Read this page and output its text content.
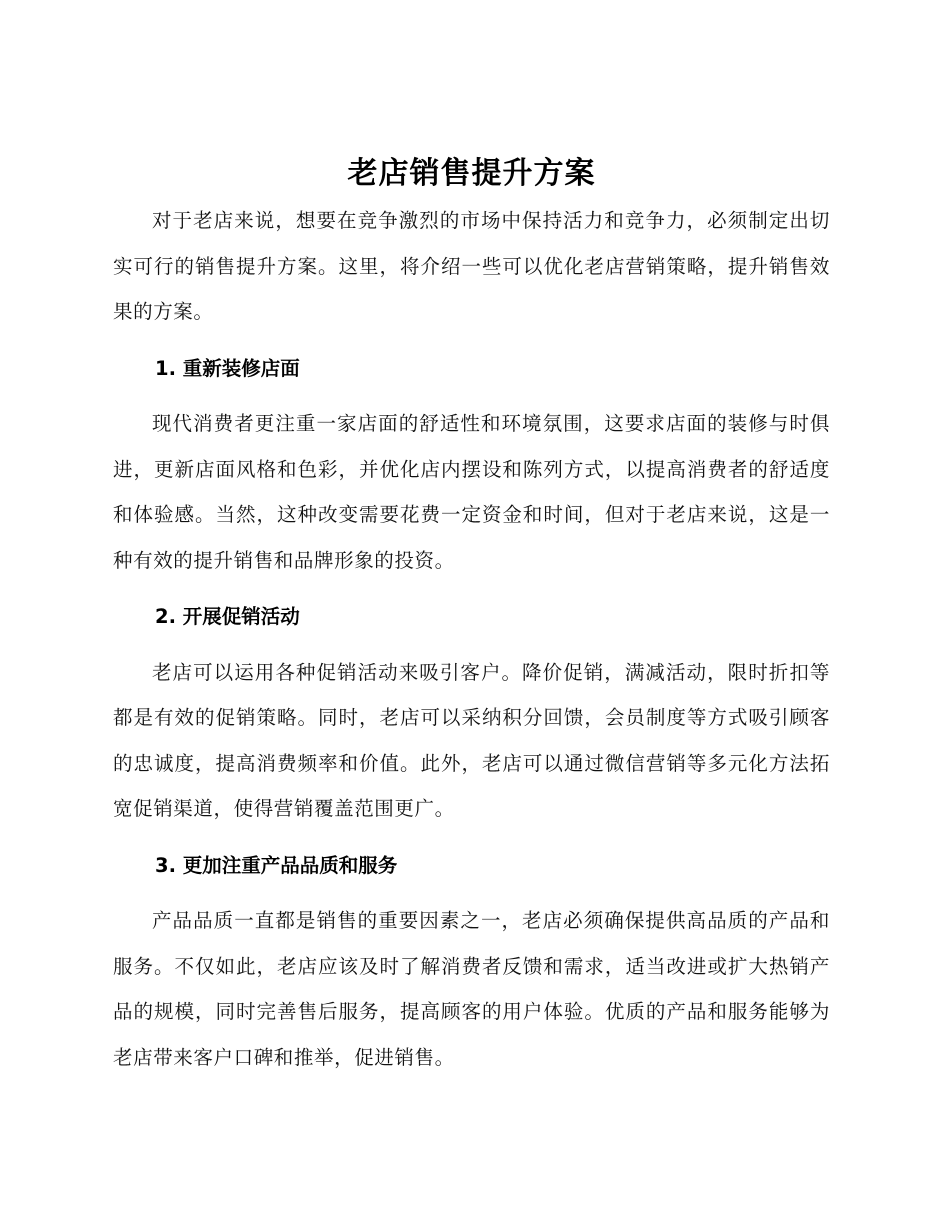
老店销售提升方案

对于老店来说，想要在竞争激烈的市场中保持活力和竞争力，必须制定出切实可行的销售提升方案。这里，将介绍一些可以优化老店营销策略，提升销售效果的方案。

1. 重新装修店面

现代消费者更注重一家店面的舒适性和环境氛围，这要求店面的装修与时俱进，更新店面风格和色彩，并优化店内摆设和陈列方式，以提高消费者的舒适度和体验感。当然，这种改变需要花费一定资金和时间，但对于老店来说，这是一种有效的提升销售和品牌形象的投资。

2. 开展促销活动

老店可以运用各种促销活动来吸引客户。降价促销，满减活动，限时折扣等都是有效的促销策略。同时，老店可以采纳积分回馈，会员制度等方式吸引顾客的忠诚度，提高消费频率和价值。此外，老店可以通过微信营销等多元化方法拓宽促销渠道，使得营销覆盖范围更广。

3. 更加注重产品品质和服务

产品品质一直都是销售的重要因素之一，老店必须确保提供高品质的产品和服务。不仅如此，老店应该及时了解消费者反馈和需求，适当改进或扩大热销产品的规模，同时完善售后服务，提高顾客的用户体验。优质的产品和服务能够为老店带来客户口碑和推举，促进销售。
